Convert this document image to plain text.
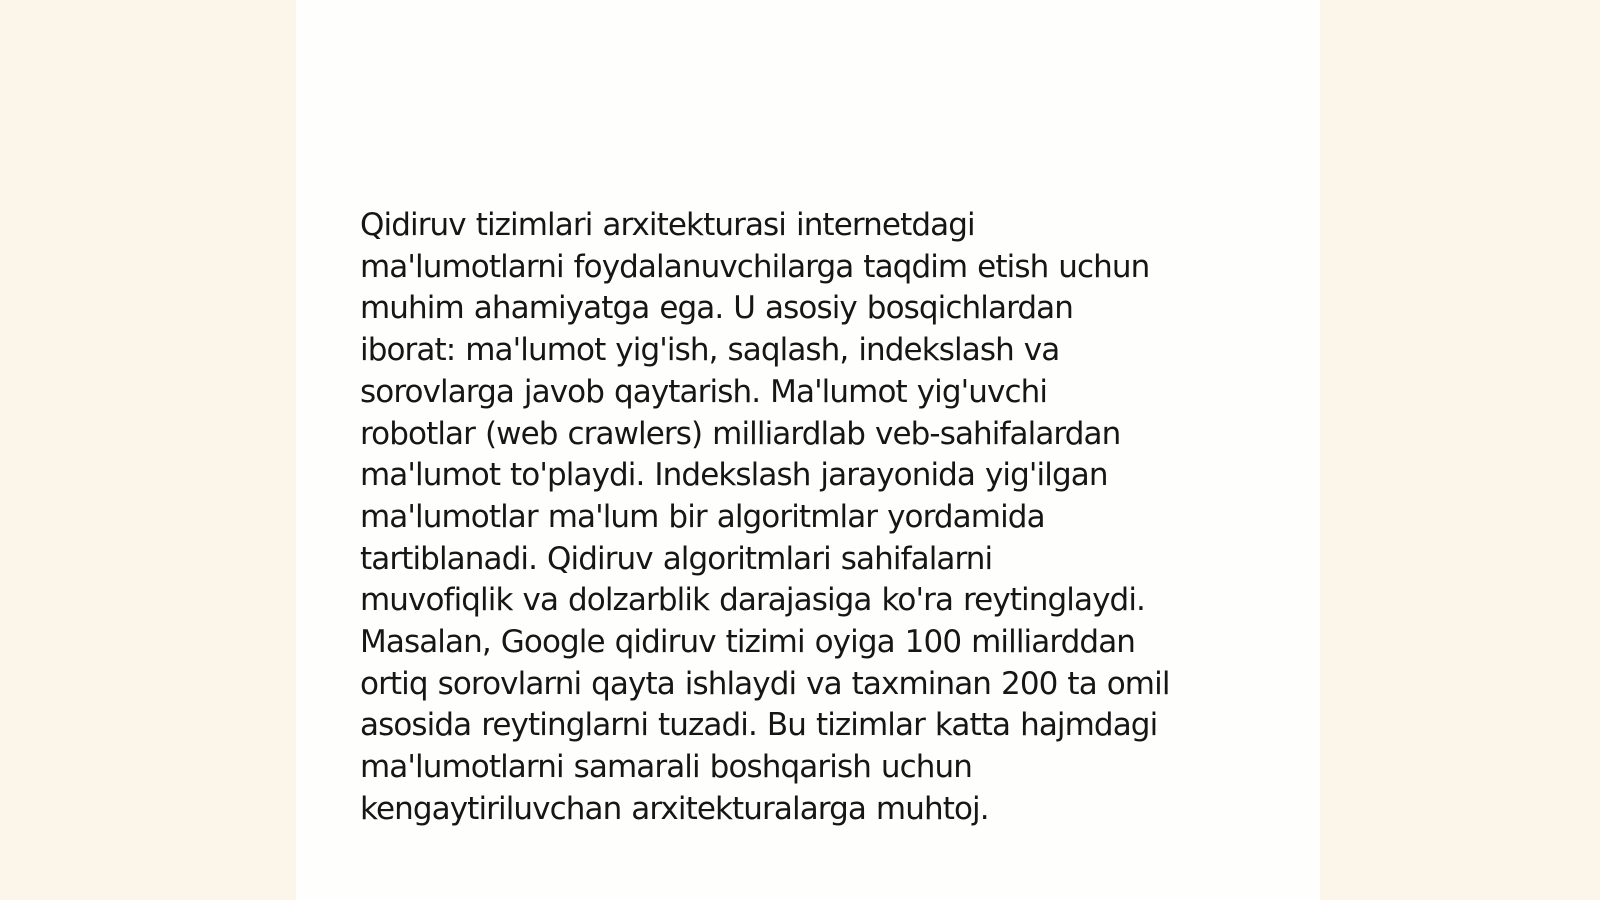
Qidiruv tizimlari arxitekturasi internetdagi
ma'lumotlarni foydalanuvchilarga taqdim etish uchun
muhim ahamiyatga ega. U asosiy bosqichlardan
iborat: ma'lumot yig'ish, saqlash, indekslash va
sorovlarga javob qaytarish. Ma'lumot yig'uvchi
robotlar (web crawlers) milliardlab veb-sahifalardan
ma'lumot to'playdi. Indekslash jarayonida yig'ilgan
ma'lumotlar ma'lum bir algoritmlar yordamida
tartiblanadi. Qidiruv algoritmlari sahifalarni
muvofiqlik va dolzarblik darajasiga ko'ra reytinglaydi.
Masalan, Google qidiruv tizimi oyiga 100 milliarddan
ortiq sorovlarni qayta ishlaydi va taxminan 200 ta omil
asosida reytinglarni tuzadi. Bu tizimlar katta hajmdagi
ma'lumotlarni samarali boshqarish uchun
kengaytiriluvchan arxitekturalarga muhtoj.
